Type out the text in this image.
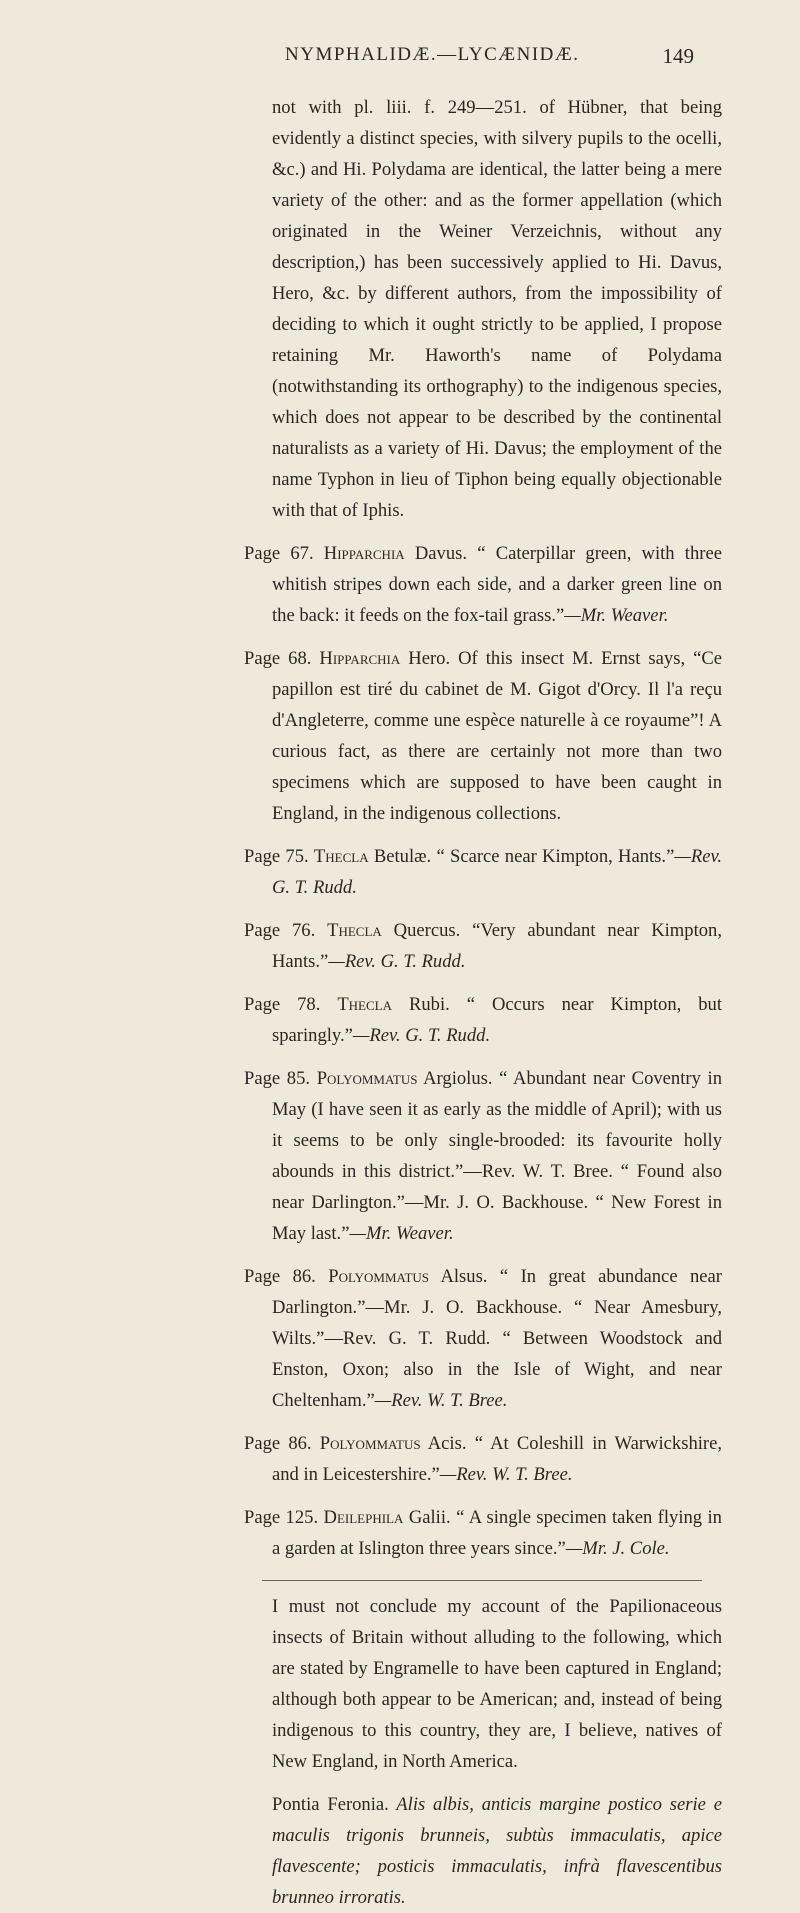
NYMPHALIDÆ.—LYCÆNIDÆ.	149

not with pl. liii. f. 249—251. of Hübner, that being evidently a distinct species, with silvery pupils to the ocelli, &c.) and Hi. Polydama are identical, the latter being a mere variety of the other: and as the former appellation (which originated in the Weiner Verzeichnis, without any description,) has been successively applied to Hi. Davus, Hero, &c. by different authors, from the impossibility of deciding to which it ought strictly to be applied, I propose retaining Mr. Haworth's name of Polydama (notwithstanding its orthography) to the indigenous species, which does not appear to be described by the continental naturalists as a variety of Hi. Davus; the employment of the name Typhon in lieu of Tiphon being equally objectionable with that of Iphis.

Page 67. Hipparchia Davus. “ Caterpillar green, with three whitish stripes down each side, and a darker green line on the back: it feeds on the fox-tail grass.”—Mr. Weaver.

Page 68. Hipparchia Hero. Of this insect M. Ernst says, “Ce papillon est tiré du cabinet de M. Gigot d'Orcy. Il l'a reçu d'Angleterre, comme une espèce naturelle à ce royaume”! A curious fact, as there are certainly not more than two specimens which are supposed to have been caught in England, in the indigenous collections.

Page 75. Thecla Betulæ. “ Scarce near Kimpton, Hants.”—Rev. G. T. Rudd.

Page 76. Thecla Quercus. “Very abundant near Kimpton, Hants.”—Rev. G. T. Rudd.

Page 78. Thecla Rubi. “ Occurs near Kimpton, but sparingly.”—Rev. G. T. Rudd.

Page 85. Polyommatus Argiolus. “ Abundant near Coventry in May (I have seen it as early as the middle of April); with us it seems to be only single-brooded: its favourite holly abounds in this district.”—Rev. W. T. Bree. “ Found also near Darlington.”—Mr. J. O. Backhouse. “ New Forest in May last.”—Mr. Weaver.

Page 86. Polyommatus Alsus. “ In great abundance near Darlington.”—Mr. J. O. Backhouse. “ Near Amesbury, Wilts.”—Rev. G. T. Rudd. “ Between Woodstock and Enston, Oxon; also in the Isle of Wight, and near Cheltenham.”—Rev. W. T. Bree.

Page 86. Polyommatus Acis. “ At Coleshill in Warwickshire, and in Leicestershire.”—Rev. W. T. Bree.

Page 125. Deilephila Galii. “ A single specimen taken flying in a garden at Islington three years since.”—Mr. J. Cole.

I must not conclude my account of the Papilionaceous insects of Britain without alluding to the following, which are stated by Engramelle to have been captured in England; although both appear to be American; and, instead of being indigenous to this country, they are, I believe, natives of New England, in North America.

Pontia Feronia. Alis albis, anticis margine postico serie e maculis trigonis brunneis, subtùs immaculatis, apice flavescente; posticis immaculatis, infrà flavescentibus brunneo irroratis.
